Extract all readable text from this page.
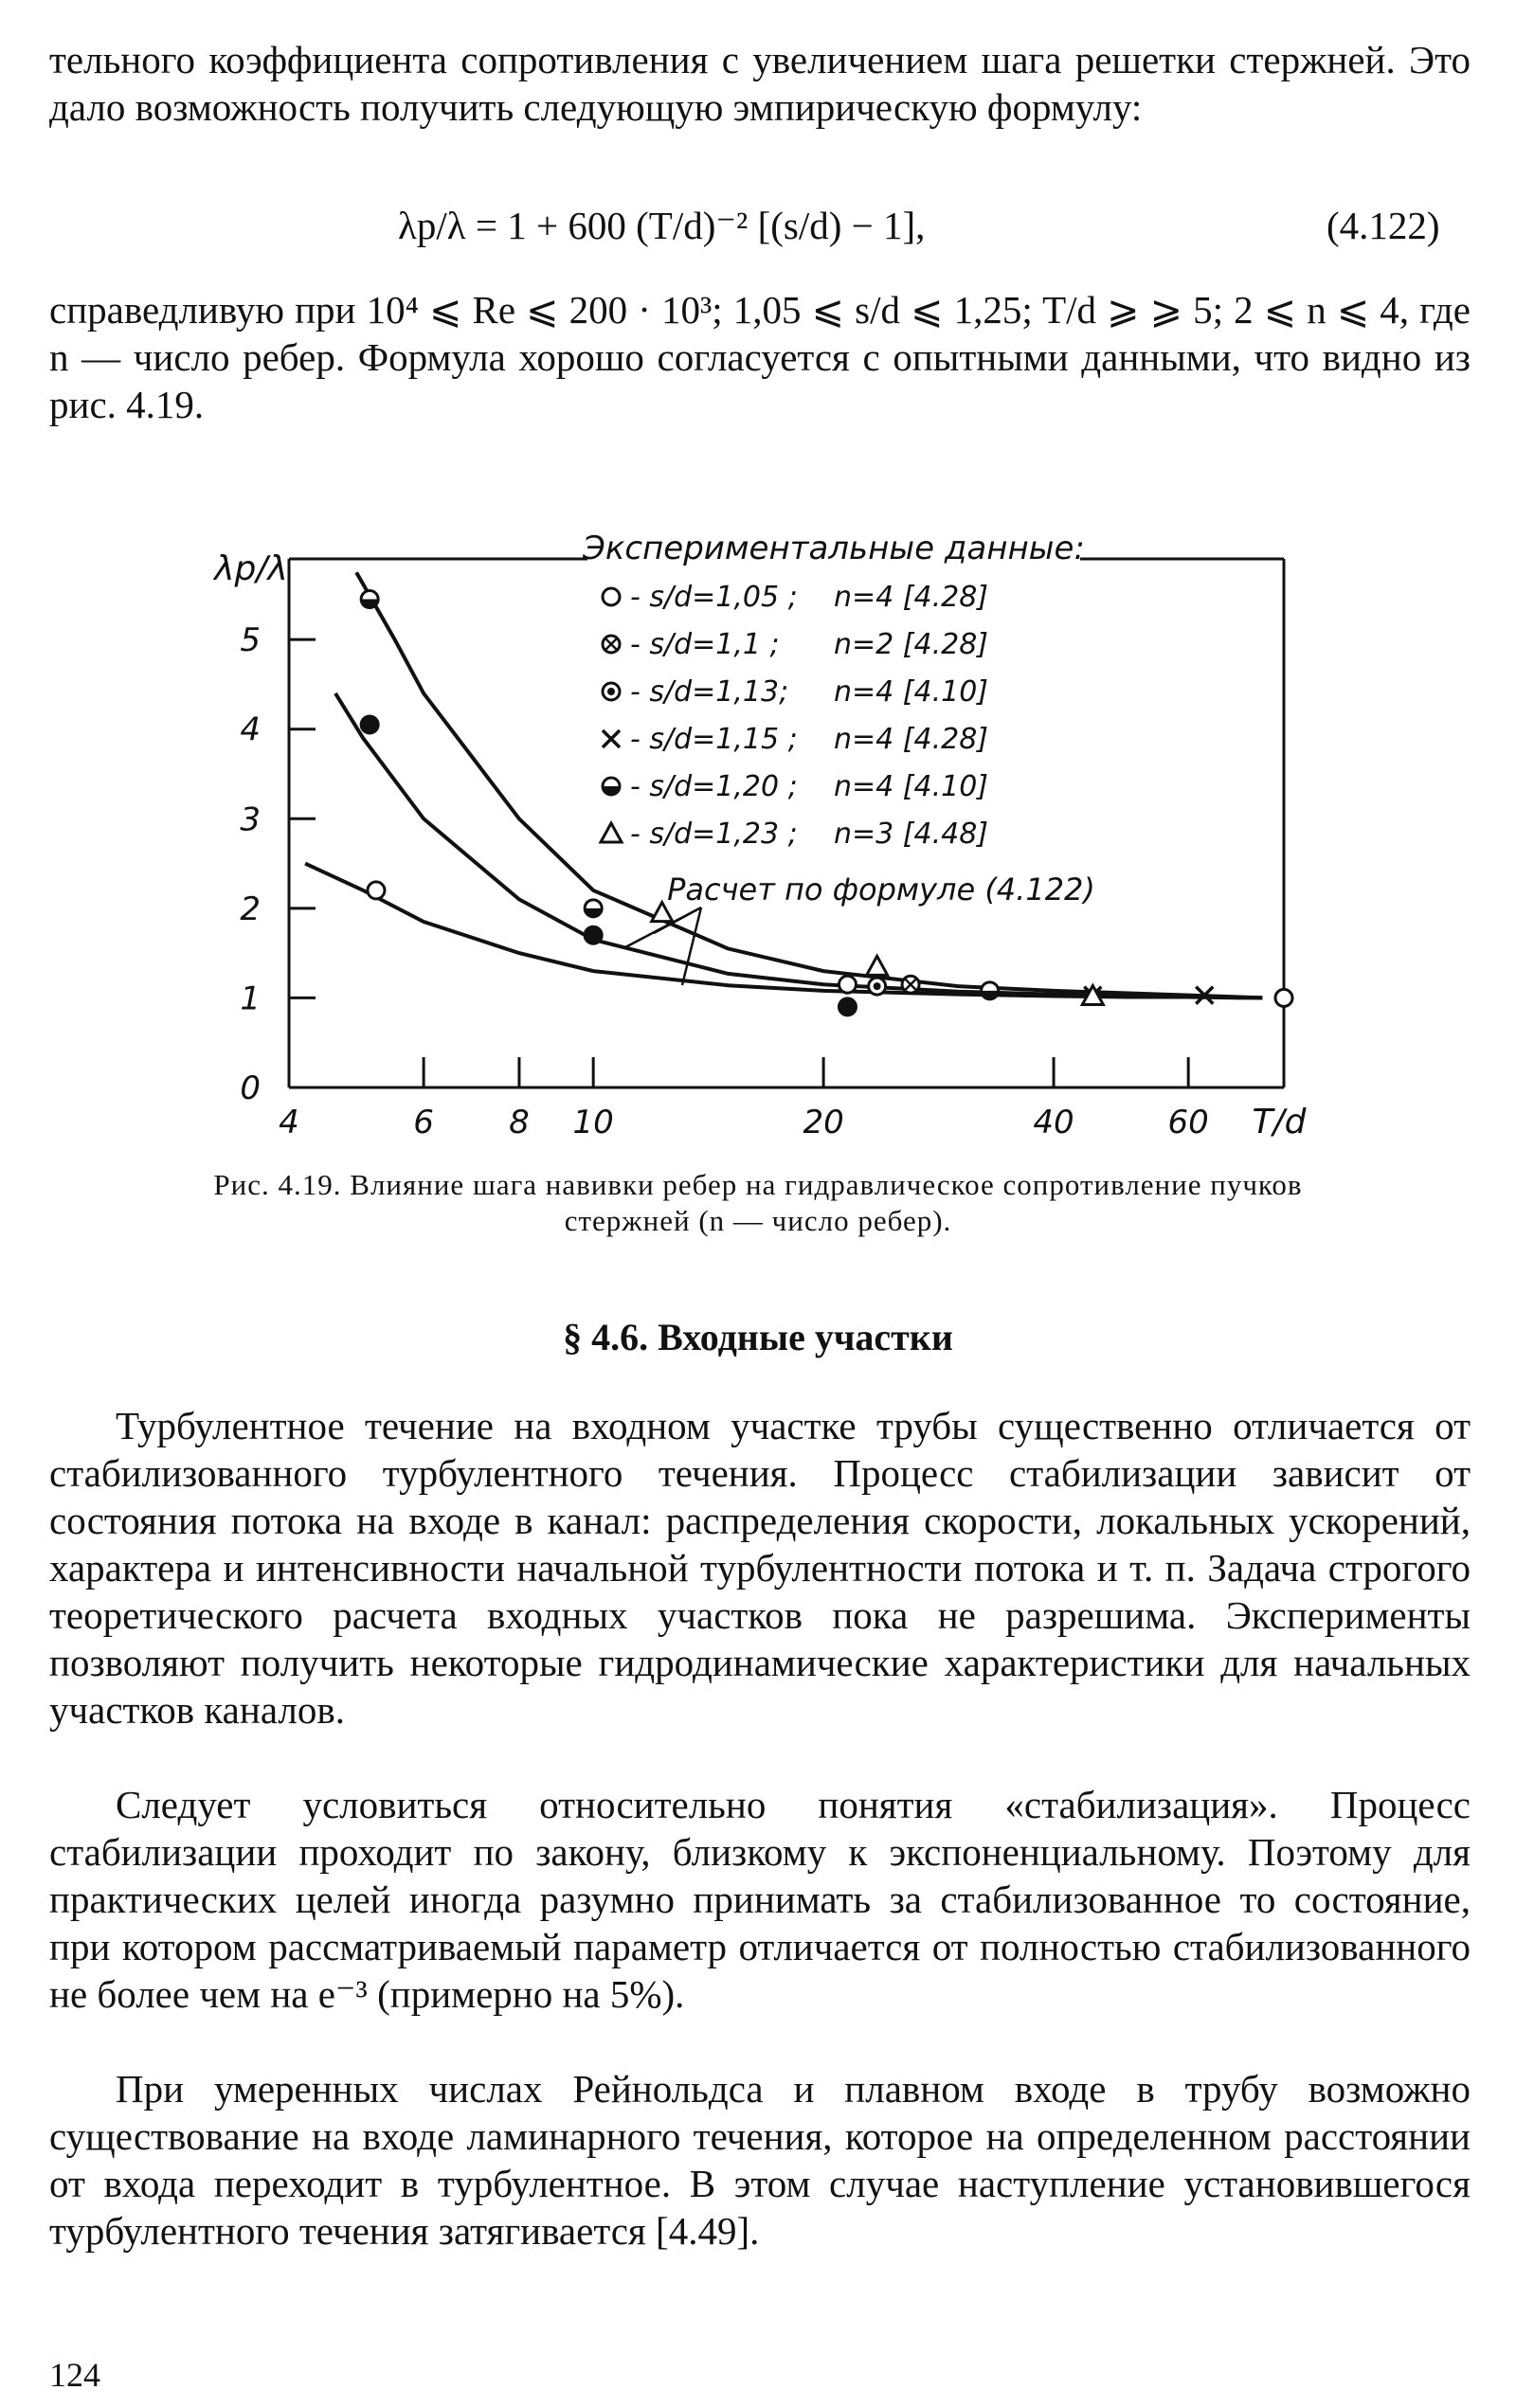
тельного коэффициента сопротивления с увеличением шага решетки стержней. Это дало возможность получить следующую эмпирическую формулу:

λp/λ = 1 + 600 (T/d)⁻² [(s/d) − 1],	(4.122)

справедливую при 10⁴ ⩽ Re ⩽ 200 · 10³; 1,05 ⩽ s/d ⩽ 1,25; T/d ⩾ ⩾ 5; 2 ⩽ n ⩽ 4, где n — число ребер. Формула хорошо согласуется с опытными данными, что видно из рис. 4.19.

0
1
2
3
4
5
4	6 8 10	20	40	60
λp/λ
T/d
Экспериментальные данные:
- s/d=1,05 ; n=4 [4.28]
- s/d=1,1 ; n=2 [4.28]
- s/d=1,13; n=4 [4.10]
- s/d=1,15 ; n=4 [4.28]
- s/d=1,20 ; n=4 [4.10]
- s/d=1,23 ; n=3 [4.48]
Расчет по формуле (4.122)
Рис. 4.19. Влияние шага навивки ребер на гидравлическое сопротивление пучков стержней (n — число ребер).
§ 4.6. Входные участки

Турбулентное течение на входном участке трубы существенно отличается от стабилизованного турбулентного течения. Процесс стабилизации зависит от состояния потока на входе в канал: распределения скорости, локальных ускорений, характера и интенсивности начальной турбулентности потока и т. п. Задача строгого теоретического расчета входных участков пока не разрешима. Эксперименты позволяют получить некоторые гидродинамические характеристики для начальных участков каналов.

Следует условиться относительно понятия «стабилизация». Процесс стабилизации проходит по закону, близкому к экспоненциальному. Поэтому для практических целей иногда разумно принимать за стабилизованное то состояние, при котором рассматриваемый параметр отличается от полностью стабилизованного не более чем на e⁻³ (примерно на 5%).

При умеренных числах Рейнольдса и плавном входе в трубу возможно существование на входе ламинарного течения, которое на определенном расстоянии от входа переходит в турбулентное. В этом случае наступление установившегося турбулентного течения затягивается [4.49].

124
